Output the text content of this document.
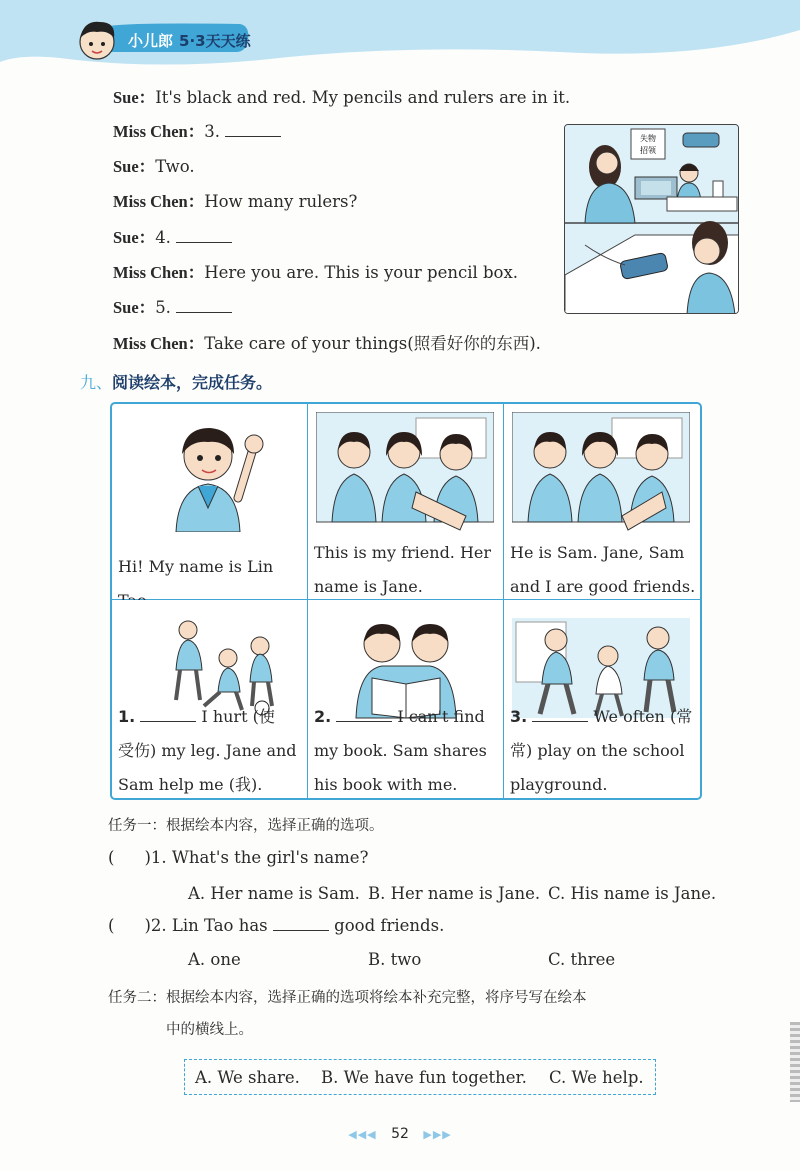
小儿郎 5·3天天练
Sue：It's black and red. My pencils and rulers are in it.
Miss Chen：3.
Sue：Two.
Miss Chen：How many rulers?
Sue：4.
Miss Chen：Here you are. This is your pencil box.
Sue：5.
Miss Chen：Take care of your things(照看好你的东西).
失物
招领
九、阅读绘本，完成任务。
Hi! My name is Lin
This is my friend. Her
name is Jane.
He is Sam. Jane, Sam
and I are good friends.
1.	I hurt (使
受伤) my leg. Jane and
Sam help me (我).
2.	I can't find
my book. Sam shares
his book with me.
3.	We often (常
常) play on the school
playground.
任务一：根据绘本内容，选择正确的选项。
( )1. What's the girl's name?
A. Her name is Sam. B. Her name is Jane. C. His name is Jane.
( )2. Lin Tao has	good friends.
A. one	B. two	C. three
任务二：根据绘本内容，选择正确的选项将绘本补充完整，将序号写在绘本
中的横线上。
A. We share. B. We have fun together. C. We help.
◀◀◀ 52 ▶▶▶
